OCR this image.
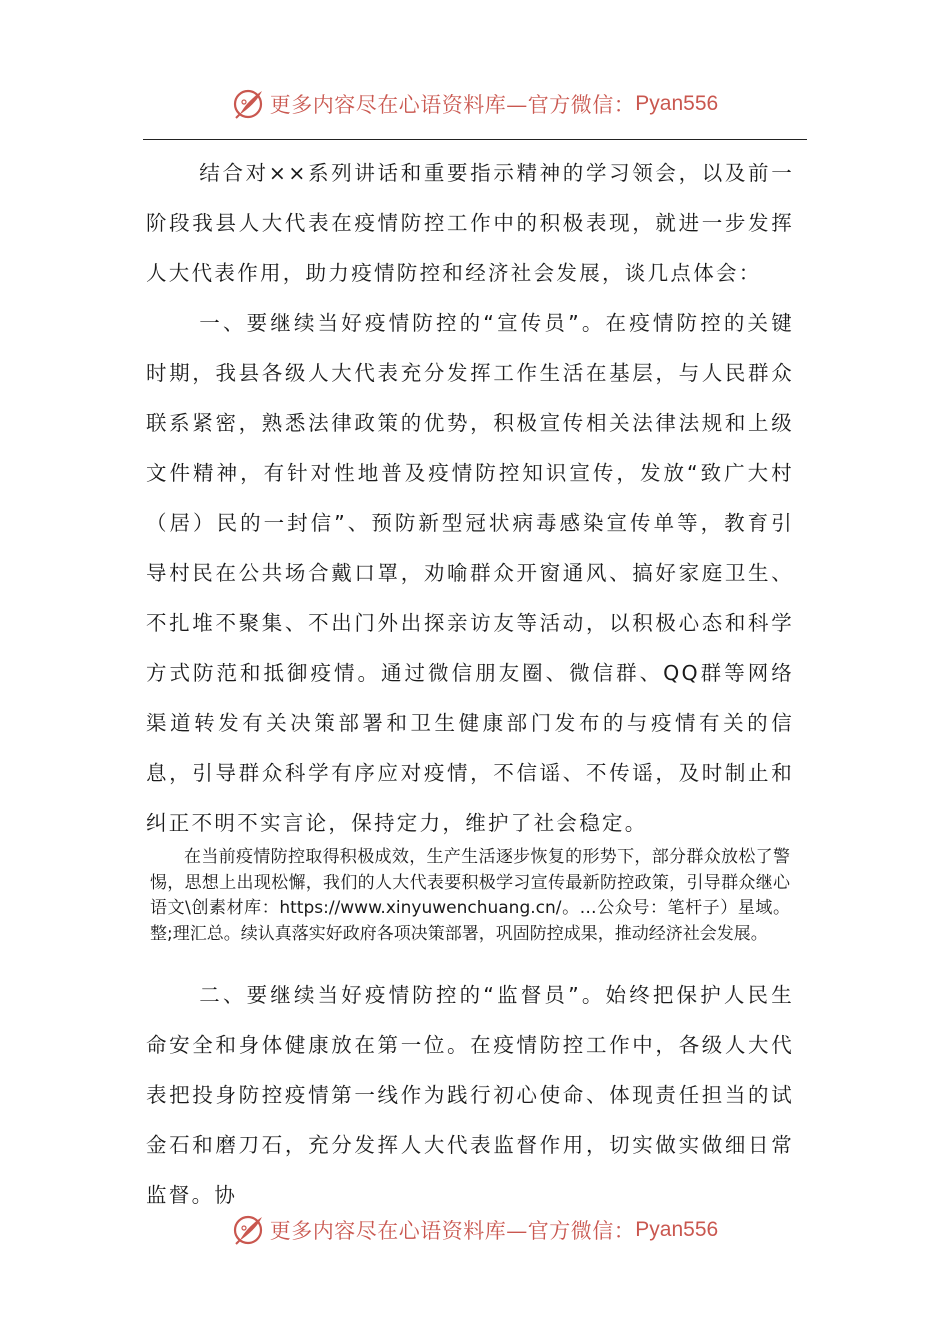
更多内容尽在心语资料库—官方微信： Pyan556

结合对××系列讲话和重要指示精神的学习领会，以及前一阶段我县人大代表在疫情防控工作中的积极表现，就进一步发挥人大代表作用，助力疫情防控和经济社会发展，谈几点体会：

一、要继续当好疫情防控的“宣传员”。在疫情防控的关键时期，我县各级人大代表充分发挥工作生活在基层，与人民群众联系紧密，熟悉法律政策的优势，积极宣传相关法律法规和上级文件精神，有针对性地普及疫情防控知识宣传，发放“致广大村（居）民的一封信”、预防新型冠状病毒感染宣传单等，教育引导村民在公共场合戴口罩，劝喻群众开窗通风、搞好家庭卫生、不扎堆不聚集、不出门外出探亲访友等活动，以积极心态和科学方式防范和抵御疫情。通过微信朋友圈、微信群、QQ群等网络渠道转发有关决策部署和卫生健康部门发布的与疫情有关的信息，引导群众科学有序应对疫情，不信谣、不传谣，及时制止和纠正不明不实言论，保持定力，维护了社会稳定。

在当前疫情防控取得积极成效，生产生活逐步恢复的形势下，部分群众放松了警惕，思想上出现松懈，我们的人大代表要积极学习宣传最新防控政策，引导群众继心语文\创素材库：https://www.xinyuwenchuang.cn/。…公众号：笔杆子）星域。整;理汇总。续认真落实好政府各项决策部署，巩固防控成果，推动经济社会发展。

二、要继续当好疫情防控的“监督员”。始终把保护人民生命安全和身体健康放在第一位。在疫情防控工作中，各级人大代表把投身防控疫情第一线作为践行初心使命、体现责任担当的试金石和磨刀石，充分发挥人大代表监督作用，切实做实做细日常监督。协

更多内容尽在心语资料库—官方微信： Pyan556
